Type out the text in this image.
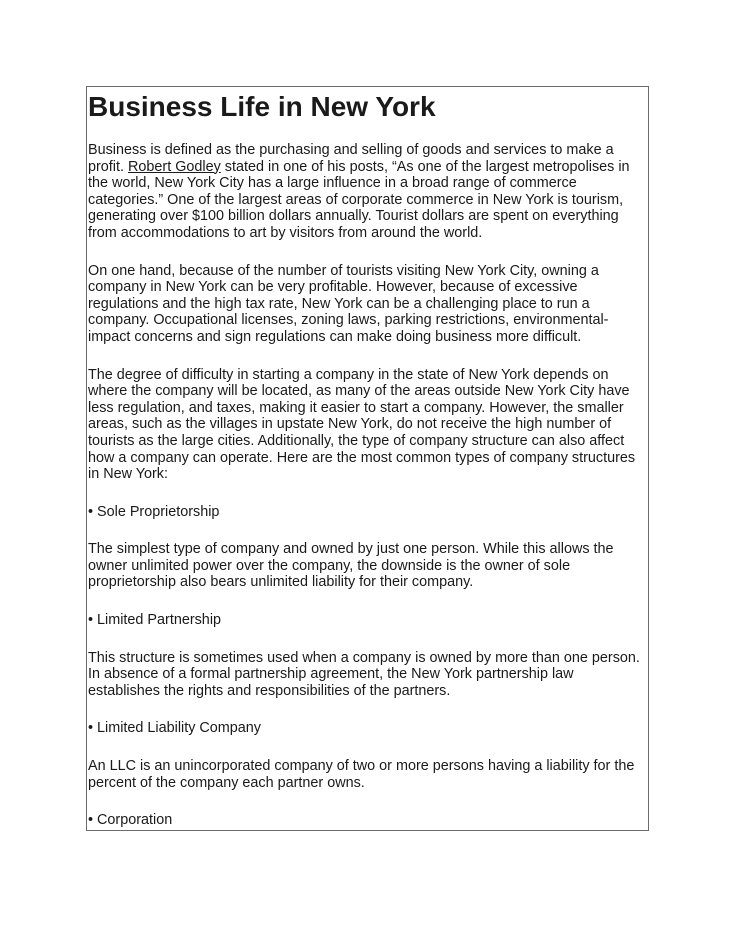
Business Life in New York

Business is defined as the purchasing and selling of goods and services to make a profit. Robert Godley stated in one of his posts, “As one of the largest metropolises in the world, New York City has a large influence in a broad range of commerce categories.” One of the largest areas of corporate commerce in New York is tourism, generating over $100 billion dollars annually. Tourist dollars are spent on everything from accommodations to art by visitors from around the world.

On one hand, because of the number of tourists visiting New York City, owning a company in New York can be very profitable. However, because of excessive regulations and the high tax rate, New York can be a challenging place to run a company. Occupational licenses, zoning laws, parking restrictions, environmental-impact concerns and sign regulations can make doing business more difficult.

The degree of difficulty in starting a company in the state of New York depends on where the company will be located, as many of the areas outside New York City have less regulation, and taxes, making it easier to start a company. However, the smaller areas, such as the villages in upstate New York, do not receive the high number of tourists as the large cities. Additionally, the type of company structure can also affect how a company can operate. Here are the most common types of company structures in New York:

• Sole Proprietorship

The simplest type of company and owned by just one person. While this allows the owner unlimited power over the company, the downside is the owner of sole proprietorship also bears unlimited liability for their company.

• Limited Partnership

This structure is sometimes used when a company is owned by more than one person. In absence of a formal partnership agreement, the New York partnership law establishes the rights and responsibilities of the partners.

• Limited Liability Company

An LLC is an unincorporated company of two or more persons having a liability for the percent of the company each partner owns.

• Corporation
